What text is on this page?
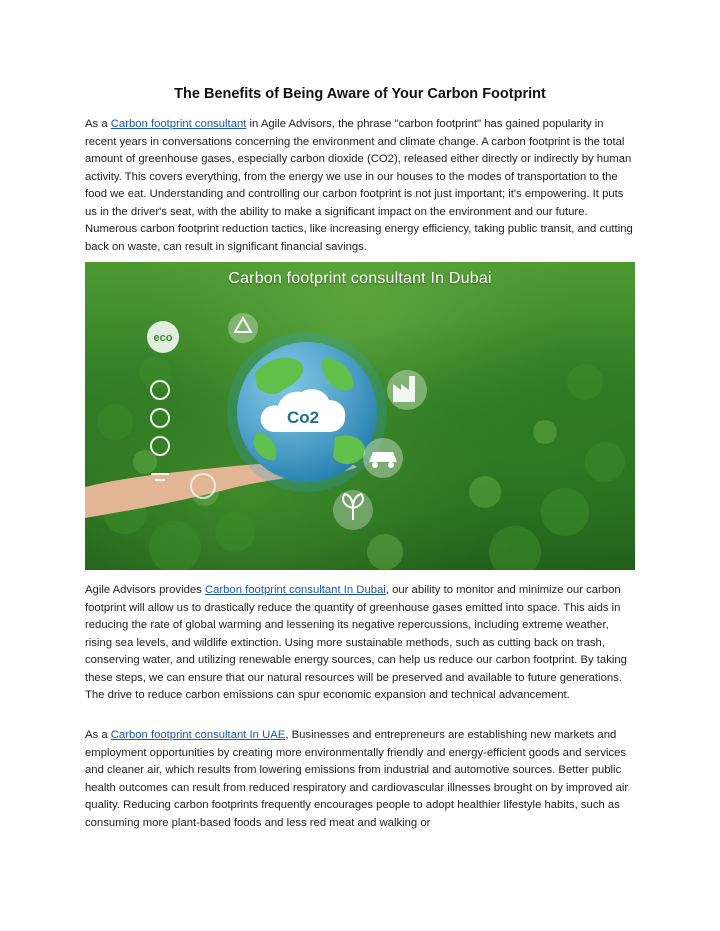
The Benefits of Being Aware of Your Carbon Footprint

As a Carbon footprint consultant in Agile Advisors, the phrase "carbon footprint" has gained popularity in recent years in conversations concerning the environment and climate change. A carbon footprint is the total amount of greenhouse gases, especially carbon dioxide (CO2), released either directly or indirectly by human activity. This covers everything, from the energy we use in our houses to the modes of transportation to the food we eat. Understanding and controlling our carbon footprint is not just important; it's empowering. It puts us in the driver's seat, with the ability to make a significant impact on the environment and our future. Numerous carbon footprint reduction tactics, like increasing energy efficiency, taking public transit, and cutting back on waste, can result in significant financial savings.

Co2
eco
Carbon footprint consultant In Dubai

Agile Advisors provides Carbon footprint consultant In Dubai, our ability to monitor and minimize our carbon footprint will allow us to drastically reduce the quantity of greenhouse gases emitted into space. This aids in reducing the rate of global warming and lessening its negative repercussions, including extreme weather, rising sea levels, and wildlife extinction. Using more sustainable methods, such as cutting back on trash, conserving water, and utilizing renewable energy sources, can help us reduce our carbon footprint. By taking these steps, we can ensure that our natural resources will be preserved and available to future generations. The drive to reduce carbon emissions can spur economic expansion and technical advancement.

As a Carbon footprint consultant In UAE, Businesses and entrepreneurs are establishing new markets and employment opportunities by creating more environmentally friendly and energy-efficient goods and services and cleaner air, which results from lowering emissions from industrial and automotive sources. Better public health outcomes can result from reduced respiratory and cardiovascular illnesses brought on by improved air quality. Reducing carbon footprints frequently encourages people to adopt healthier lifestyle habits, such as consuming more plant-based foods and less red meat and walking or
